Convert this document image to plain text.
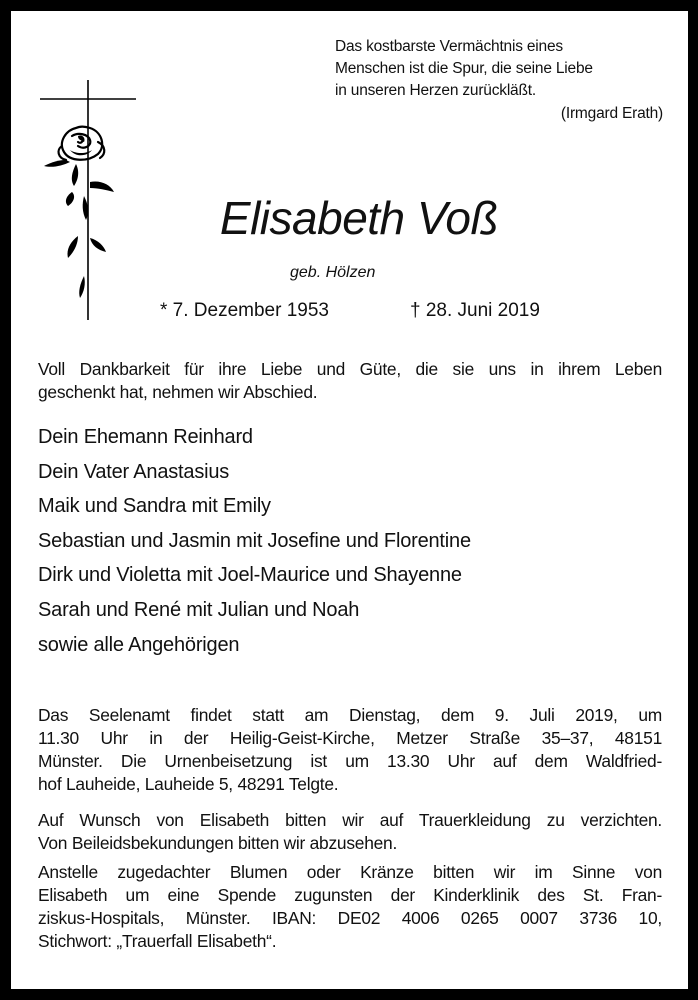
Das kostbarste Vermächtnis eines
Menschen ist die Spur, die seine Liebe
in unseren Herzen zurückläßt.
(Irmgard Erath)
Elisabeth Voß
geb. Hölzen
* 7. Dezember 1953	† 28. Juni 2019
Voll Dankbarkeit für ihre Liebe und Güte, die sie uns in ihrem Leben
geschenkt hat, nehmen wir Abschied.
Dein Ehemann Reinhard
Dein Vater Anastasius
Maik und Sandra mit Emily
Sebastian und Jasmin mit Josefine und Florentine
Dirk und Violetta mit Joel-Maurice und Shayenne
Sarah und René mit Julian und Noah
sowie alle Angehörigen
Das Seelenamt findet statt am Dienstag, dem 9. Juli 2019, um
11.30 Uhr in der Heilig-Geist-Kirche, Metzer Straße 35–37, 48151
Münster. Die Urnenbeisetzung ist um 13.30 Uhr auf dem Waldfried-
hof Lauheide, Lauheide 5, 48291 Telgte.
Auf Wunsch von Elisabeth bitten wir auf Trauerkleidung zu verzichten.
Von Beileidsbekundungen bitten wir abzusehen.
Anstelle zugedachter Blumen oder Kränze bitten wir im Sinne von
Elisabeth um eine Spende zugunsten der Kinderklinik des St. Fran-
ziskus-Hospitals, Münster. IBAN: DE02 4006 0265 0007 3736 10,
Stichwort: „Trauerfall Elisabeth“.
